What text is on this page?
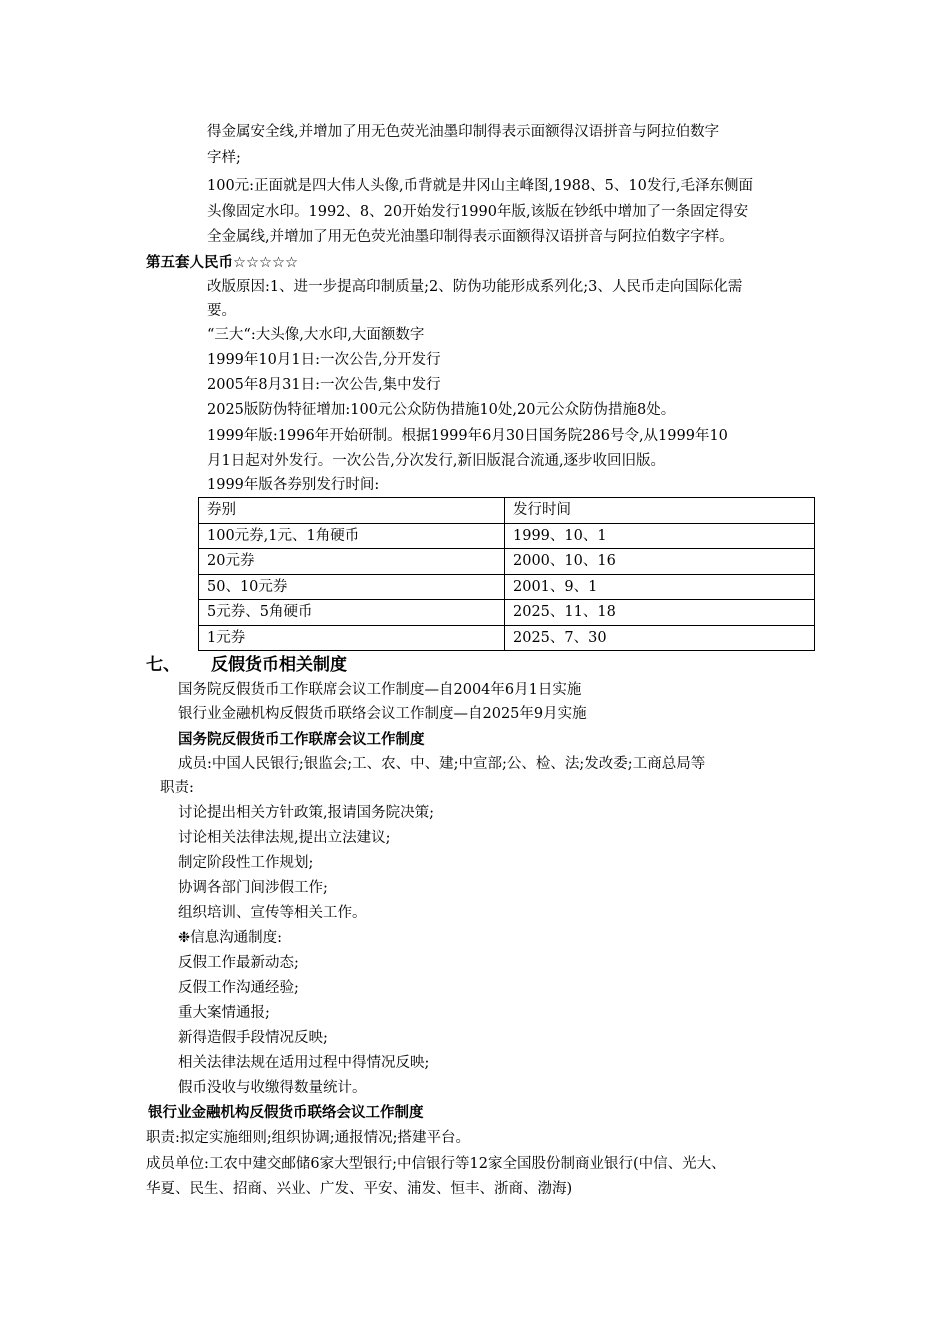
得金属安全线,并增加了用无色荧光油墨印制得表示面额得汉语拼音与阿拉伯数字
字样;
100元:正面就是四大伟人头像,币背就是井冈山主峰图,1988、5、10发行,毛泽东侧面
头像固定水印。1992、8、20开始发行1990年版,该版在钞纸中增加了一条固定得安
全金属线,并增加了用无色荧光油墨印制得表示面额得汉语拼音与阿拉伯数字字样。
第五套人民币☆☆☆☆☆
改版原因:1、进一步提高印制质量;2、防伪功能形成系列化;3、人民币走向国际化需
要。
“三大“:大头像,大水印,大面额数字
1999年10月1日:一次公告,分开发行
2005年8月31日:一次公告,集中发行
2025版防伪特征增加:100元公众防伪措施10处,20元公众防伪措施8处。
1999年版:1996年开始研制。根据1999年6月30日国务院286号令,从1999年10
月1日起对外发行。一次公告,分次发行,新旧版混合流通,逐步收回旧版。
1999年版各券别发行时间:
券别	发行时间
100元券,1元、1角硬币	1999、10、1
20元券	2000、10、16
50、10元券	2001、9、1
5元券、5角硬币	2025、11、18
1元券	2025、7、30
七、 反假货币相关制度
国务院反假货币工作联席会议工作制度—自2004年6月1日实施
银行业金融机构反假货币联络会议工作制度—自2025年9月实施
国务院反假货币工作联席会议工作制度
成员:中国人民银行;银监会;工、农、中、建;中宣部;公、检、法;发改委;工商总局等
职责:
讨论提出相关方针政策,报请国务院决策;
讨论相关法律法规,提出立法建议;
制定阶段性工作规划;
协调各部门间涉假工作;
组织培训、宣传等相关工作。
❉信息沟通制度:
反假工作最新动态;
反假工作沟通经验;
重大案情通报;
新得造假手段情况反映;
相关法律法规在适用过程中得情况反映;
假币没收与收缴得数量统计。
银行业金融机构反假货币联络会议工作制度
职责:拟定实施细则;组织协调;通报情况;搭建平台。
成员单位:工农中建交邮储6家大型银行;中信银行等12家全国股份制商业银行(中信、光大、
华夏、民生、招商、兴业、广发、平安、浦发、恒丰、浙商、渤海)
